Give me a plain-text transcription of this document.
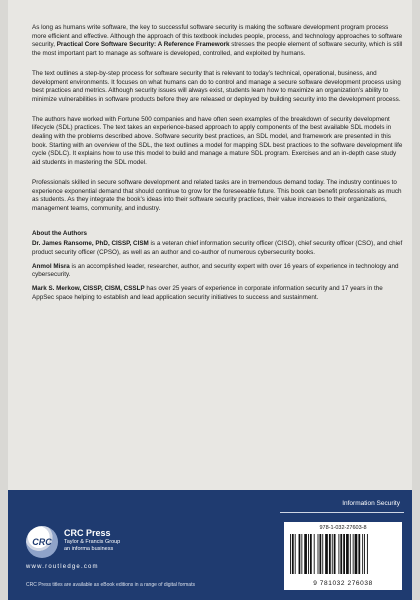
As long as humans write software, the key to successful software security is making the software development program process more efficient and effective. Although the approach of this textbook includes people, process, and technology approaches to software security, Practical Core Software Security: A Reference Framework stresses the people element of software security, which is still the most important part to manage as software is developed, controlled, and exploited by humans.

The text outlines a step-by-step process for software security that is relevant to today’s technical, operational, business, and development environments. It focuses on what humans can do to control and manage a secure software development process using best practices and metrics. Although security issues will always exist, students learn how to maximize an organization’s ability to minimize vulnerabilities in software products before they are released or deployed by building security into the development process.

The authors have worked with Fortune 500 companies and have often seen examples of the breakdown of security development lifecycle (SDL) practices. The text takes an experience-based approach to apply components of the best available SDL models in dealing with the problems described above. Software security best practices, an SDL model, and framework are presented in this book. Starting with an overview of the SDL, the text outlines a model for mapping SDL best practices to the software development life cycle (SDLC). It explains how to use this model to build and manage a mature SDL program. Exercises and an in-depth case study aid students in mastering the SDL model.

Professionals skilled in secure software development and related tasks are in tremendous demand today. The industry continues to experience exponential demand that should continue to grow for the foreseeable future. This book can benefit professionals as much as students. As they integrate the book’s ideas into their software security practices, their value increases to their organizations, management teams, community, and industry.

About the Authors

Dr. James Ransome, PhD, CISSP, CISM is a veteran chief information security officer (CISO), chief security officer (CSO), and chief product security officer (CPSO), as well as an author and co-author of numerous cybersecurity books.

Anmol Misra is an accomplished leader, researcher, author, and security expert with over 16 years of experience in technology and cybersecurity.

Mark S. Merkow, CISSP, CISM, CSSLP has over 25 years of experience in corporate information security and 17 years in the AppSec space helping to establish and lead application security initiatives to success and sustainment.

Information Security
CRC
CRC Press
Taylor & Francis Group
an informa business
www.routledge.com
CRC Press titles are available as eBook editions in a range of digital formats
978-1-032-27603-8
9 781032 276038
